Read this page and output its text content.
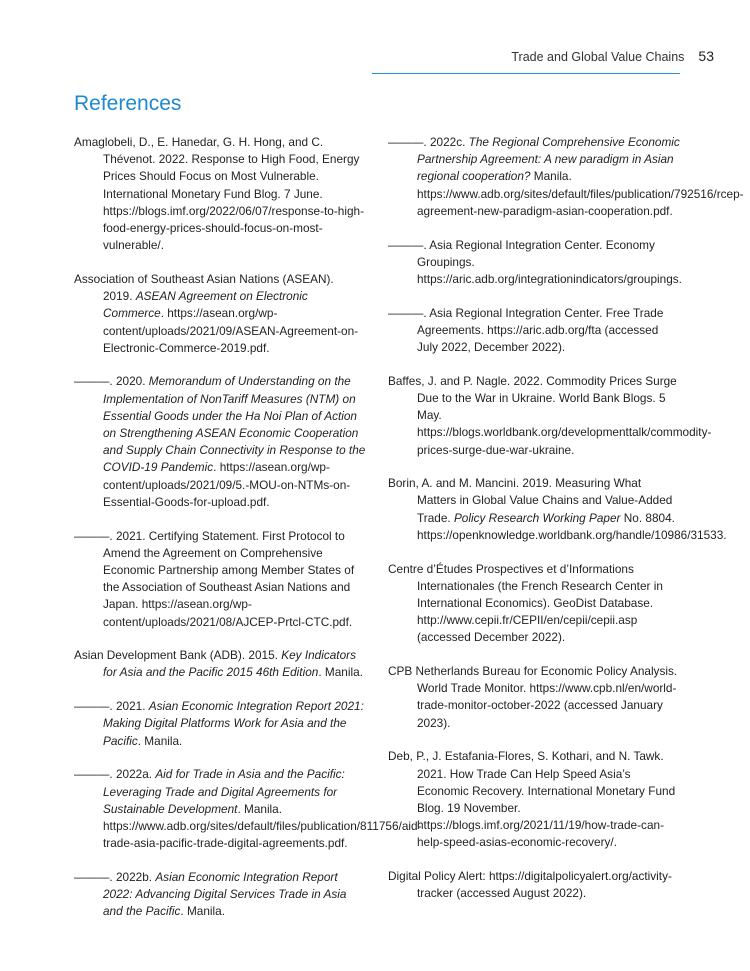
Trade and Global Value Chains 53
References

Amaglobeli, D., E. Hanedar, G. H. Hong, and C. Thévenot. 2022. Response to High Food, Energy Prices Should Focus on Most Vulnerable. International Monetary Fund Blog. 7 June. https://blogs.imf.org/2022/06/07/response-to-high-food-energy-prices-should-focus-on-most-vulnerable/.

Association of Southeast Asian Nations (ASEAN). 2019. ASEAN Agreement on Electronic Commerce. https://asean.org/wp-content/uploads/2021/09/ASEAN-Agreement-on-Electronic-Commerce-2019.pdf.

———. 2020. Memorandum of Understanding on the Implementation of NonTariff Measures (NTM) on Essential Goods under the Ha Noi Plan of Action on Strengthening ASEAN Economic Cooperation and Supply Chain Connectivity in Response to the COVID-19 Pandemic. https://asean.org/wp-content/uploads/2021/09/5.-MOU-on-NTMs-on-Essential-Goods-for-upload.pdf.

———. 2021. Certifying Statement. First Protocol to Amend the Agreement on Comprehensive Economic Partnership among Member States of the Association of Southeast Asian Nations and Japan. https://asean.org/wp-content/uploads/2021/08/AJCEP-Prtcl-CTC.pdf.

Asian Development Bank (ADB). 2015. Key Indicators for Asia and the Pacific 2015 46th Edition. Manila.

———. 2021. Asian Economic Integration Report 2021: Making Digital Platforms Work for Asia and the Pacific. Manila.

———. 2022a. Aid for Trade in Asia and the Pacific: Leveraging Trade and Digital Agreements for Sustainable Development. Manila. https://www.adb.org/sites/default/files/publication/811756/aid-trade-asia-pacific-trade-digital-agreements.pdf.

———. 2022b. Asian Economic Integration Report 2022: Advancing Digital Services Trade in Asia and the Pacific. Manila.

———. 2022c. The Regional Comprehensive Economic Partnership Agreement: A new paradigm in Asian regional cooperation? Manila. https://www.adb.org/sites/default/files/publication/792516/rcep-agreement-new-paradigm-asian-cooperation.pdf.

———. Asia Regional Integration Center. Economy Groupings. https://aric.adb.org/integrationindicators/groupings.

———. Asia Regional Integration Center. Free Trade Agreements. https://aric.adb.org/fta (accessed July 2022, December 2022).

Baffes, J. and P. Nagle. 2022. Commodity Prices Surge Due to the War in Ukraine. World Bank Blogs. 5 May. https://blogs.worldbank.org/developmenttalk/commodity-prices-surge-due-war-ukraine.

Borin, A. and M. Mancini. 2019. Measuring What Matters in Global Value Chains and Value-Added Trade. Policy Research Working Paper No. 8804. https://openknowledge.worldbank.org/handle/10986/31533.

Centre d’Études Prospectives et d’Informations Internationales (the French Research Center in International Economics). GeoDist Database. http://www.cepii.fr/CEPII/en/cepii/cepii.asp (accessed December 2022).

CPB Netherlands Bureau for Economic Policy Analysis. World Trade Monitor. https://www.cpb.nl/en/world-trade-monitor-october-2022 (accessed January 2023).

Deb, P., J. Estafania-Flores, S. Kothari, and N. Tawk. 2021. How Trade Can Help Speed Asia’s Economic Recovery. International Monetary Fund Blog. 19 November. https://blogs.imf.org/2021/11/19/how-trade-can-help-speed-asias-economic-recovery/.

Digital Policy Alert: https://digitalpolicyalert.org/activity-tracker (accessed August 2022).
